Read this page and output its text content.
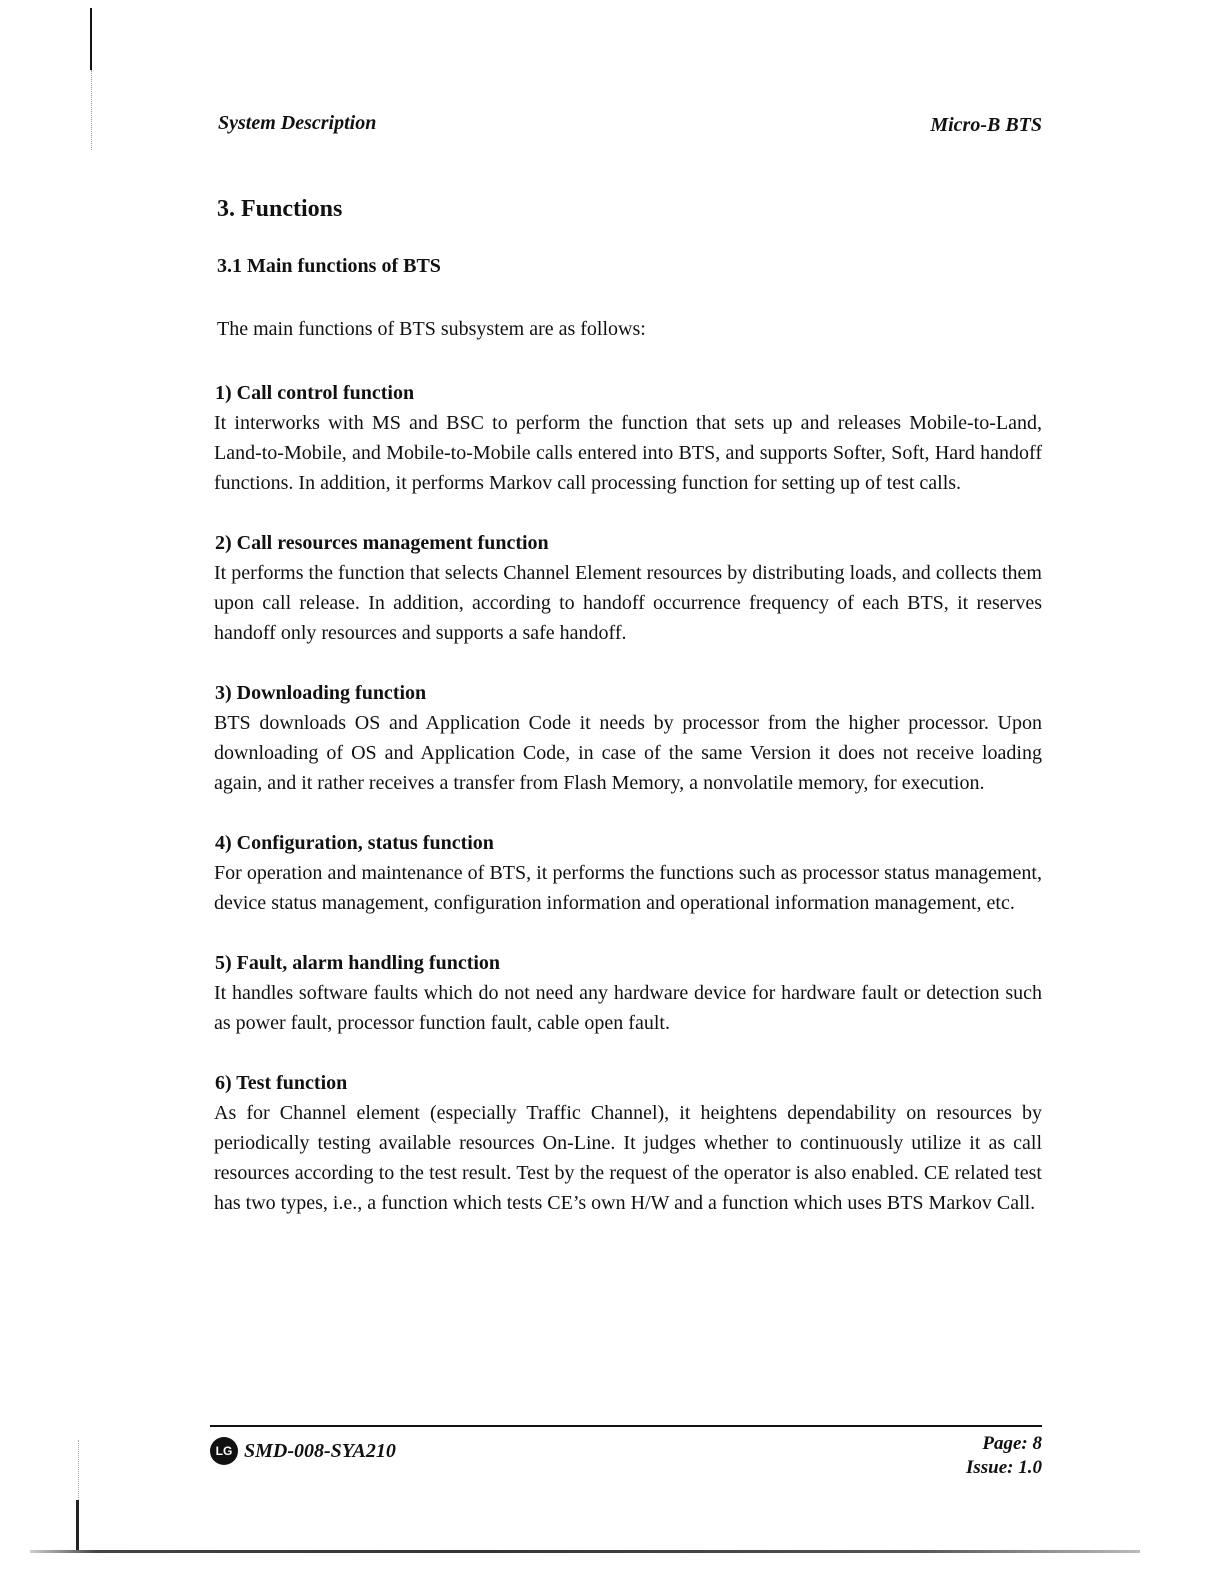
System Description	Micro-B BTS
3. Functions
3.1 Main functions of BTS
The main functions of BTS subsystem are as follows:
1) Call control function
It interworks with MS and BSC to perform the function that sets up and releases Mobile-to-Land, Land-to-Mobile, and Mobile-to-Mobile calls entered into BTS, and supports Softer, Soft, Hard handoff functions. In addition, it performs Markov call processing function for setting up of test calls.
2) Call resources management function
It performs the function that selects Channel Element resources by distributing loads, and collects them upon call release. In addition, according to handoff occurrence frequency of each BTS, it reserves handoff only resources and supports a safe handoff.
3) Downloading function
BTS downloads OS and Application Code it needs by processor from the higher processor. Upon downloading of OS and Application Code, in case of the same Version it does not receive loading again, and it rather receives a transfer from Flash Memory, a nonvolatile memory, for execution.
4) Configuration, status function
For operation and maintenance of BTS, it performs the functions such as processor status management, device status management, configuration information and operational information management, etc.
5) Fault, alarm handling function
It handles software faults which do not need any hardware device for hardware fault or detection such as power fault, processor function fault, cable open fault.
6) Test function
As for Channel element (especially Traffic Channel), it heightens dependability on resources by periodically testing available resources On-Line. It judges whether to continuously utilize it as call resources according to the test result. Test by the request of the operator is also enabled. CE related test has two types, i.e., a function which tests CE’s own H/W and a function which uses BTS Markov Call.
LG SMD-008-SYA210	Page: 8
Issue: 1.0
